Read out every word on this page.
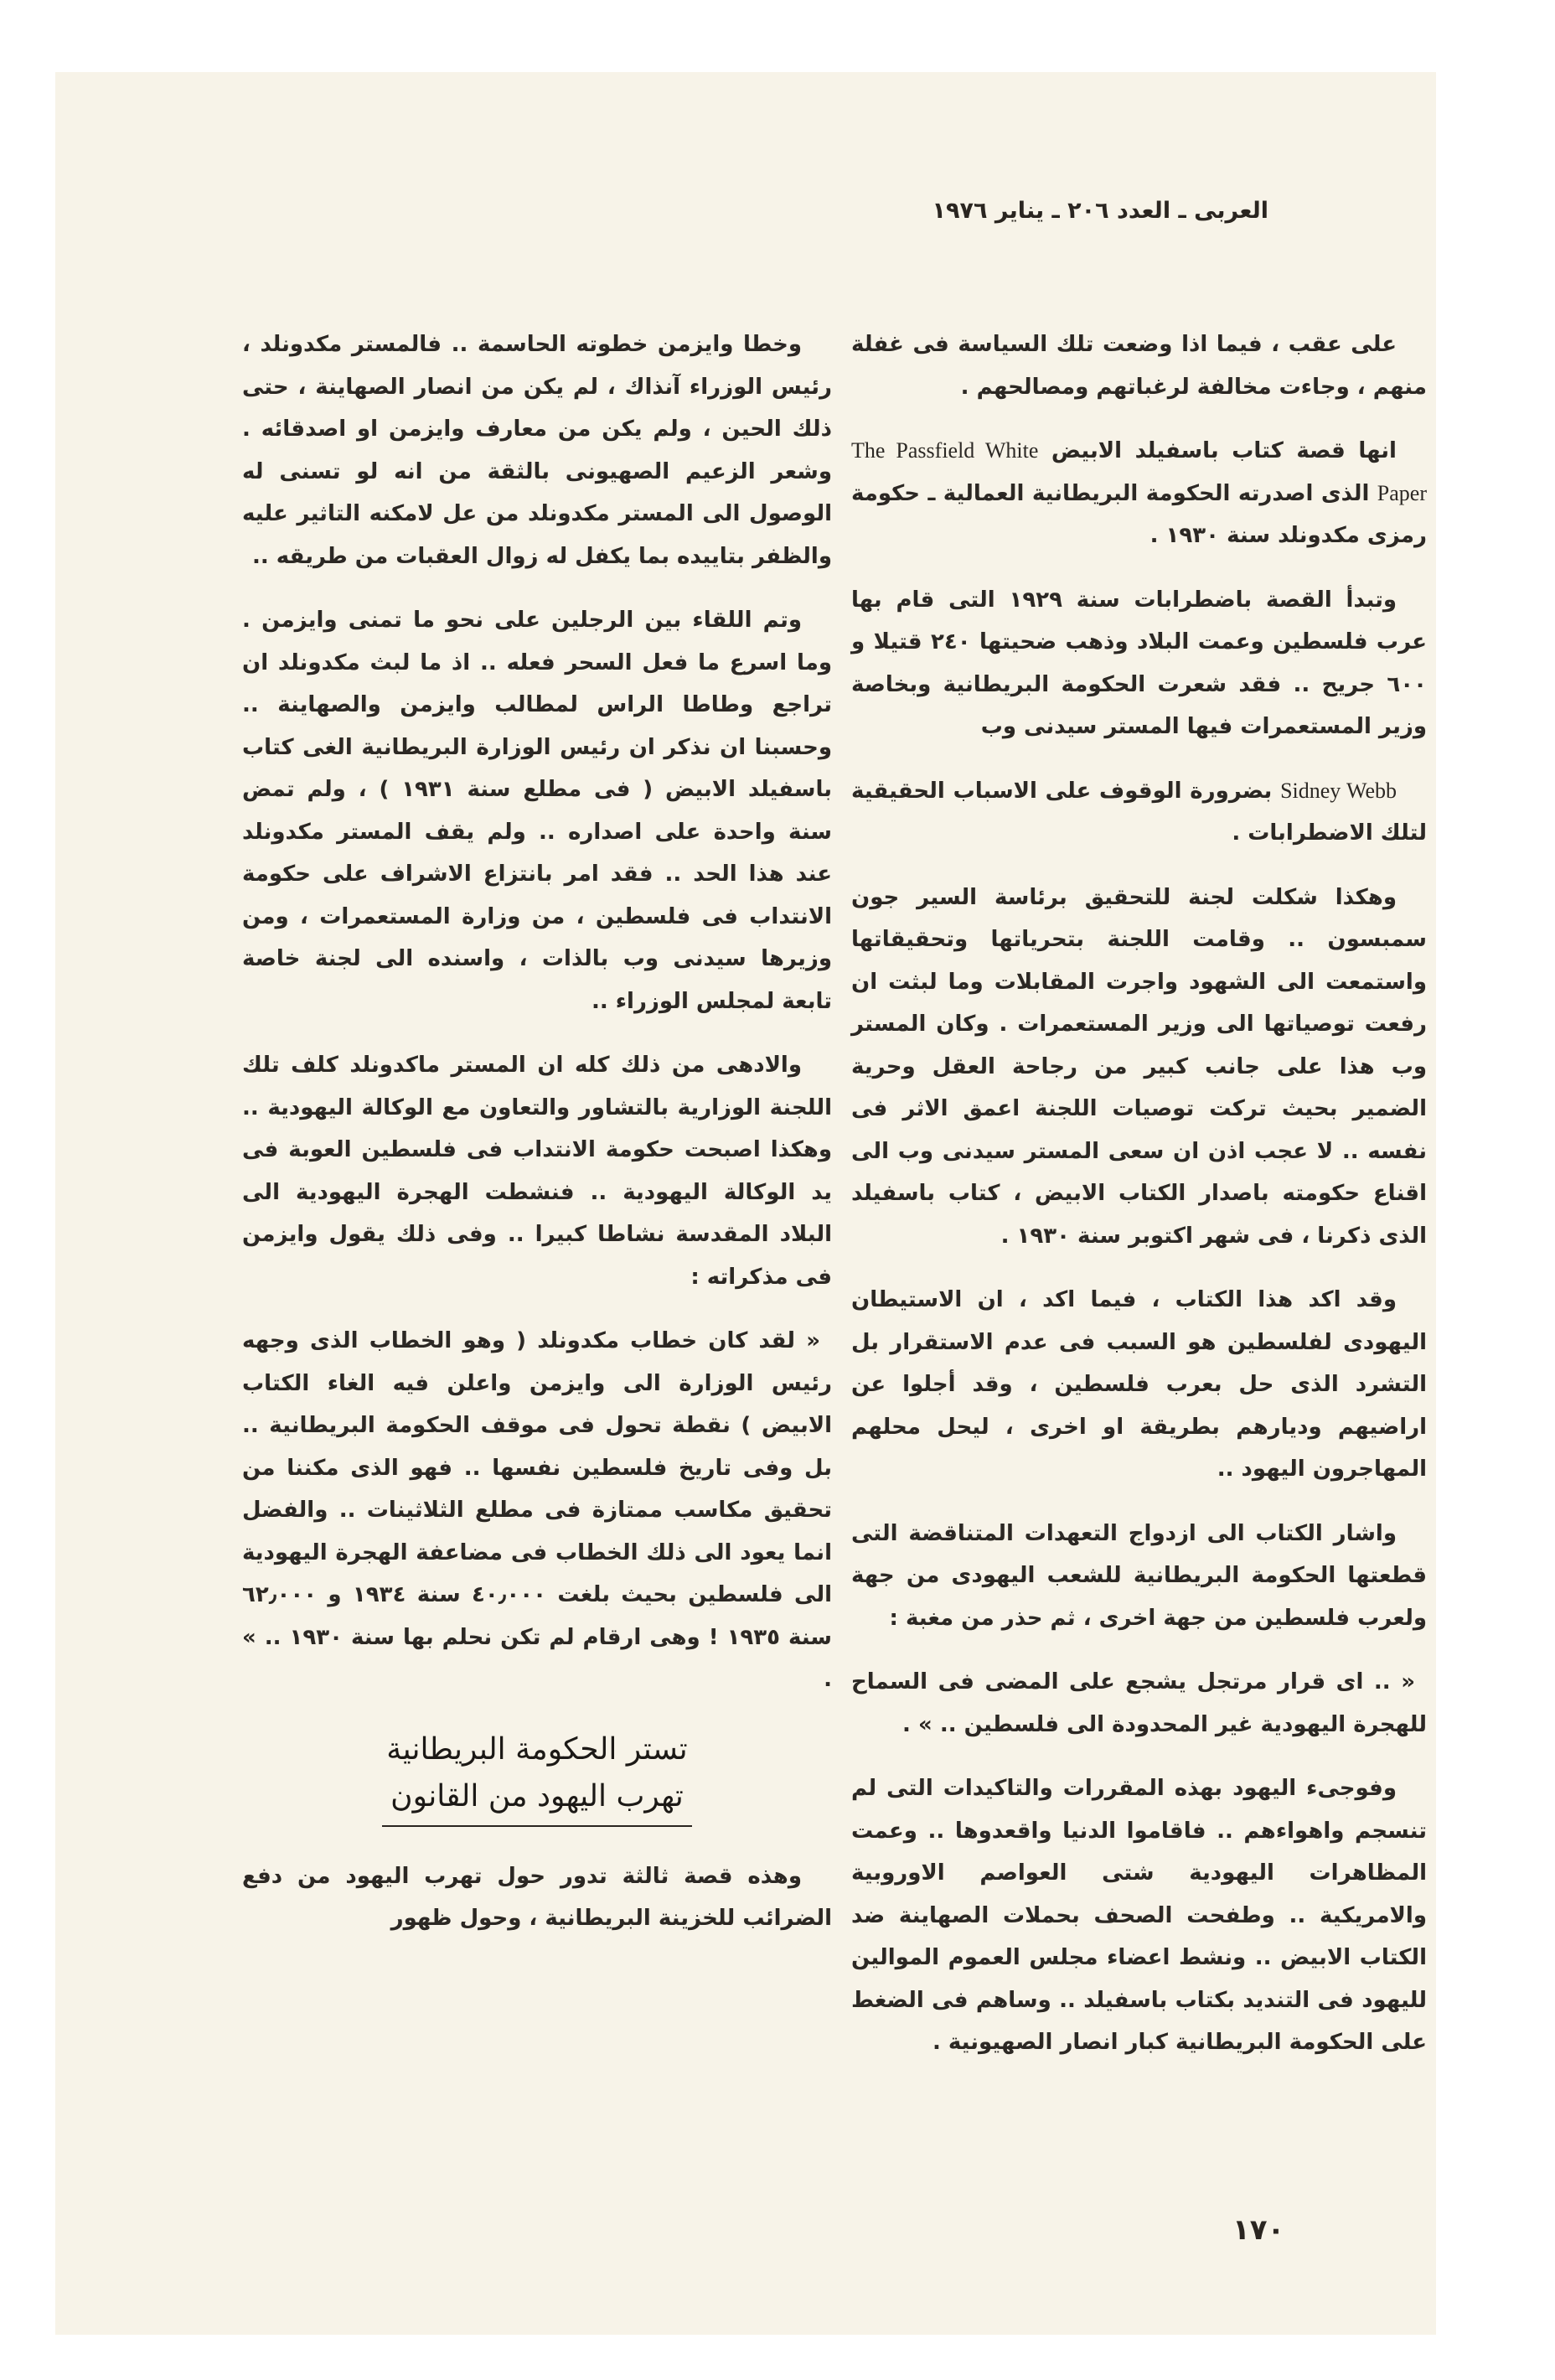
العربى ـ العدد ٢٠٦ ـ يناير ١٩٧٦

على عقب ، فيما اذا وضعت تلك السياسة فى غفلة منهم ، وجاءت مخالفة لرغباتهم ومصالحهم .

انها قصة كتاب باسفيلد الابيض The Passfield White Paper الذى اصدرته الحكومة البريطانية العمالية ـ حكومة رمزى مكدونلد سنة ١٩٣٠ .

وتبدأ القصة باضطرابات سنة ١٩٢٩ التى قام بها عرب فلسطين وعمت البلاد وذهب ضحيتها ٢٤٠ قتيلا و ٦٠٠ جريح .. فقد شعرت الحكومة البريطانية وبخاصة وزير المستعمرات فيها المستر سيدنى وب

Sidney Webb بضرورة الوقوف على الاسباب الحقيقية لتلك الاضطرابات .

وهكذا شكلت لجنة للتحقيق برئاسة السير جون سمبسون .. وقامت اللجنة بتحرياتها وتحقيقاتها واستمعت الى الشهود واجرت المقابلات وما لبثت ان رفعت توصياتها الى وزير المستعمرات . وكان المستر وب هذا على جانب كبير من رجاحة العقل وحرية الضمير بحيث تركت توصيات اللجنة اعمق الاثر فى نفسه .. لا عجب اذن ان سعى المستر سيدنى وب الى اقناع حكومته باصدار الكتاب الابيض ، كتاب باسفيلد الذى ذكرنا ، فى شهر اكتوبر سنة ١٩٣٠ .

وقد اكد هذا الكتاب ، فيما اكد ، ان الاستيطان اليهودى لفلسطين هو السبب فى عدم الاستقرار بل التشرد الذى حل بعرب فلسطين ، وقد أجلوا عن اراضيهم وديارهم بطريقة او اخرى ، ليحل محلهم المهاجرون اليهود ..

واشار الكتاب الى ازدواج التعهدات المتناقضة التى قطعتها الحكومة البريطانية للشعب اليهودى من جهة ولعرب فلسطين من جهة اخرى ، ثم حذر من مغبة :

« .. اى قرار مرتجل يشجع على المضى فى السماح للهجرة اليهودية غير المحدودة الى فلسطين .. » .

وفوجىء اليهود بهذه المقررات والتاكيدات التى لم تنسجم واهواءهم .. فاقاموا الدنيا واقعدوها .. وعمت المظاهرات اليهودية شتى العواصم الاوروبية والامريكية .. وطفحت الصحف بحملات الصهاينة ضد الكتاب الابيض .. ونشط اعضاء مجلس العموم الموالين لليهود فى التنديد بكتاب باسفيلد .. وساهم فى الضغط على الحكومة البريطانية كبار انصار الصهيونية .

وخطا وايزمن خطوته الحاسمة .. فالمستر مكدونلد ، رئيس الوزراء آنذاك ، لم يكن من انصار الصهاينة ، حتى ذلك الحين ، ولم يكن من معارف وايزمن او اصدقائه . وشعر الزعيم الصهيونى بالثقة من انه لو تسنى له الوصول الى المستر مكدونلد من عل لامكنه التاثير عليه والظفر بتاييده بما يكفل له زوال العقبات من طريقه ..

وتم اللقاء بين الرجلين على نحو ما تمنى وايزمن . وما اسرع ما فعل السحر فعله .. اذ ما لبث مكدونلد ان تراجع وطاطا الراس لمطالب وايزمن والصهاينة .. وحسبنا ان نذكر ان رئيس الوزارة البريطانية الغى كتاب باسفيلد الابيض ( فى مطلع سنة ١٩٣١ ) ، ولم تمض سنة واحدة على اصداره .. ولم يقف المستر مكدونلد عند هذا الحد .. فقد امر بانتزاع الاشراف على حكومة الانتداب فى فلسطين ، من وزارة المستعمرات ، ومن وزيرها سيدنى وب بالذات ، واسنده الى لجنة خاصة تابعة لمجلس الوزراء ..

والادهى من ذلك كله ان المستر ماكدونلد كلف تلك اللجنة الوزارية بالتشاور والتعاون مع الوكالة اليهودية .. وهكذا اصبحت حكومة الانتداب فى فلسطين العوبة فى يد الوكالة اليهودية .. فنشطت الهجرة اليهودية الى البلاد المقدسة نشاطا كبيرا .. وفى ذلك يقول وايزمن فى مذكراته :

« لقد كان خطاب مكدونلد ( وهو الخطاب الذى وجهه رئيس الوزارة الى وايزمن واعلن فيه الغاء الكتاب الابيض ) نقطة تحول فى موقف الحكومة البريطانية .. بل وفى تاريخ فلسطين نفسها .. فهو الذى مكننا من تحقيق مكاسب ممتازة فى مطلع الثلاثينات .. والفضل انما يعود الى ذلك الخطاب فى مضاعفة الهجرة اليهودية الى فلسطين بحيث بلغت ٤٠٫٠٠٠ سنة ١٩٣٤ و ٦٢٫٠٠٠ سنة ١٩٣٥ ! وهى ارقام لم تكن نحلم بها سنة ١٩٣٠ .. » .

تستر الحكومة البريطانية
تهرب اليهود من القانون

وهذه قصة ثالثة تدور حول تهرب اليهود من دفع الضرائب للخزينة البريطانية ، وحول ظهور

١٧٠
